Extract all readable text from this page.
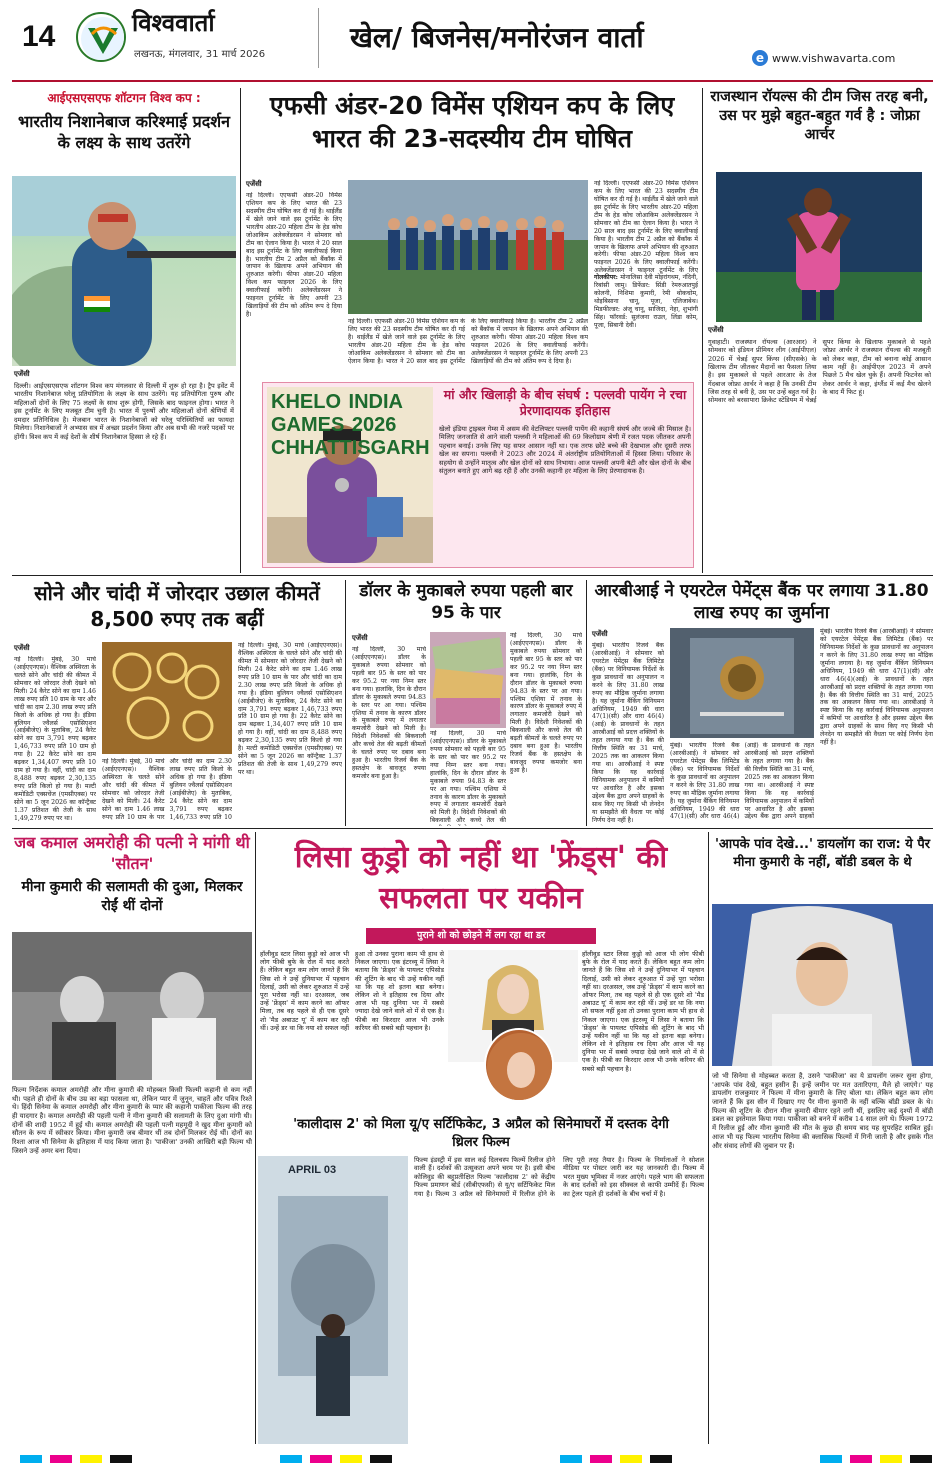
14	विश्ववार्ता
लखनऊ, मंगलवार, 31 मार्च 2026
खेल/ बिजनेस/मनोरंजन वार्ता
e www.vishwavarta.com
आईएसएसएफ शॉटगन विश्व कप :
भारतीय निशानेबाज करिश्माई प्रदर्शन के लक्ष्य के साथ उतरेंगे
एजेंसी
दिल्ली। आईएसएसएफ शॉटगन विश्व कप मंगलवार से दिल्ली में शुरू हो रहा है। ट्रैप इवेंट में भारतीय निशानेबाज घरेलू प्रतियोगिता के लक्ष्य के साथ उतरेंगे। यह प्रतियोगिता पुरुष और महिलाओं दोनों के लिए 75 लक्ष्यों के साथ शुरू होगी, जिसके बाद फाइनल होगा। भारत ने इस टूर्नामेंट के लिए मजबूत टीम चुनी है। भारत में पुरुषों और महिलाओं दोनों श्रेणियों में दमदार प्रतिनिधित्व है। मेजबान भारत के निशानेबाजों को घरेलू परिस्थितियों का फायदा मिलेगा। निशानेबाजों ने अभ्यास सत्र में अच्छा प्रदर्शन किया और अब सभी की नजरें पदकों पर होंगी। विश्व कप में कई देशों के शीर्ष निशानेबाज हिस्सा ले रहे हैं।
एफसी अंडर-20 विमेंस एशियन कप के लिए भारत की 23-सदस्यीय टीम घोषित
एजेंसी
नई दिल्ली। एएफसी अंडर-20 विमेंस एशियन कप के लिए भारत की 23 सदस्यीय टीम घोषित कर दी गई है। थाईलैंड में खेले जाने वाले इस टूर्नामेंट के लिए भारतीय अंडर-20 महिला टीम के हेड कोच जोआकिम अलेक्जेंडरसन ने सोमवार को टीम का ऐलान किया है। भारत ने 20 साल बाद इस टूर्नामेंट के लिए क्वालीफाई किया है। भारतीय टीम 2 अप्रैल को बैंकॉक में जापान के खिलाफ अपने अभियान की शुरुआत करेगी। फीफा अंडर-20 महिला विश्व कप फाइनल 2026 के लिए क्वालीफाई करेंगी। अलेक्जेंडरसन ने फाइनल टूर्नामेंट के लिए अपनी 23 खिलाड़ियों की टीम को अंतिम रूप दे दिया है।
नई दिल्ली। एएफसी अंडर-20 विमेंस एशियन कप के लिए भारत की 23 सदस्यीय टीम घोषित कर दी गई है। थाईलैंड में खेले जाने वाले इस टूर्नामेंट के लिए भारतीय अंडर-20 महिला टीम के हेड कोच जोआकिम अलेक्जेंडरसन ने सोमवार को टीम का ऐलान किया है। भारत ने 20 साल बाद इस टूर्नामेंट के लिए क्वालीफाई किया है। भारतीय टीम 2 अप्रैल को बैंकॉक में जापान के खिलाफ अपने अभियान की शुरुआत करेगी। फीफा अंडर-20 महिला विश्व कप फाइनल 2026 के लिए क्वालीफाई करेंगी। अलेक्जेंडरसन ने फाइनल टूर्नामेंट के लिए अपनी 23 खिलाड़ियों की टीम को अंतिम रूप दे दिया है।
नई दिल्ली। एएफसी अंडर-20 विमेंस एशियन कप के लिए भारत की 23 सदस्यीय टीम घोषित कर दी गई है। थाईलैंड में खेले जाने वाले इस टूर्नामेंट के लिए भारतीय अंडर-20 महिला टीम के हेड कोच जोआकिम अलेक्जेंडरसन ने सोमवार को टीम का ऐलान किया है। भारत ने 20 साल बाद इस टूर्नामेंट के लिए क्वालीफाई किया है। भारतीय टीम 2 अप्रैल को बैंकॉक में जापान के खिलाफ अपने अभियान की शुरुआत करेगी। फीफा अंडर-20 महिला विश्व कप फाइनल 2026 के लिए क्वालीफाई करेंगी। अलेक्जेंडरसन ने फाइनल टूर्नामेंट के लिए
गोलकीपर: मोनालिसा देवी मोइरांगथम, नंदिनी, रिबांसी जामु। डिफेंडर: सिंडी रेमरुआतपुई कोलनी, निशिमा कुमारी, रेमी थोकचोम, थोइबिसाना चानू, पूजा, एलिजाबेथ। मिडफील्डर: अंजू चानू, साजिदा, नेहा, शुभांगी सिंह। फॉरवर्ड: सुलंजना राउल, लिंडा कोम, पूजा, सिबानी देवी।
KHELO INDIA GAMES 2026 CHHATTISGARH
मां और खिलाड़ी के बीच संघर्ष : पल्लवी पायेंग ने रचा प्रेरणादायक इतिहास
खेलो इंडिया ट्राइबल गेम्स में असम की वेटलिफ्टर पल्लवी पायेंग की कहानी संघर्ष और जज्बे की मिसाल है। मिलिए जनजाति से आने वाली पल्लवी ने महिलाओं की 69 किलोग्राम श्रेणी में रजत पदक जीतकर अपनी पहचान बनाई। उनके लिए यह सफर आसान नहीं था। एक तरफ छोटे बच्चे की देखभाल और दूसरी तरफ खेल का सपना। पल्लवी ने 2023 और 2024 में अंतर्राष्ट्रीय प्रतियोगिताओं में हिस्सा लिया। परिवार के सहयोग से उन्होंने मातृत्व और खेल दोनों को साथ निभाया। आज पल्लवी अपनी बेटी और खेल दोनों के बीच संतुलन बनाते हुए आगे बढ़ रही हैं और उनकी कहानी हर महिला के लिए प्रेरणादायक है।
राजस्थान रॉयल्स की टीम जिस तरह बनी, उस पर मुझे बहुत-बहुत गर्व है : जोफ्रा आर्चर
एजेंसी
गुवाहाटी। राजस्थान रॉयल्स (आरआर) ने सोमवार को इंडियन प्रीमियर लीग (आईपीएल) 2026 में चेन्नई सुपर किंग्स (सीएसके) के खिलाफ टीम जीतकर मैदानों का फैसला लिया है। इस मुकाबले से पहले आरआर के तेज गेंदबाज जोफ्रा आर्चर ने कहा है कि उनकी टीम जिस तरह से बनी है, उस पर उन्हें बहुत गर्व है। सोमवार को बरसापारा क्रिकेट स्टेडियम में चेन्नई सुपर किंग्स के खिलाफ मुकाबले से पहले जोफ्रा आर्चर ने राजस्थान रॉयल्स की मजबूती को लेकर कहा, टीम को बनाना कोई आसान काम नहीं है। आईपीएल 2023 में अपने पिछले 5 मैच खेल चुके हैं। अपनी फिटनेस को लेकर आर्चर ने कहा, इंग्लैंड में कई मैच खेलने के बाद मैं फिट हूं।
सोने और चांदी में जोरदार उछाल कीमतें 8,500 रुपए तक बढ़ीं
एजेंसी
नई दिल्ली। मुंबई, 30 मार्च (आईएएनएस)। वैश्विक अस्थिरता के चलते सोने और चांदी की कीमत में सोमवार को जोरदार तेजी देखने को मिली। 24 कैरेट सोने का दाम 1.46 लाख रुपए प्रति 10 ग्राम के पार और चांदी का दाम 2.30 लाख रुपए प्रति किलो के अधिक हो गया है। इंडिया बुलियन ज्वैलर्स एसोसिएशन (आईबीजेए) के मुताबिक, 24 कैरेट सोने का दाम 3,791 रुपए बढ़कर 1,46,733 रुपए प्रति 10 ग्राम हो गया है। 22 कैरेट सोने का दाम बढ़कर 1,34,407 रुपए प्रति 10 ग्राम हो गया है। वहीं, चांदी का दाम 8,488 रुपए बढ़कर 2,30,135 रुपए प्रति किलो हो गया है। मल्टी कमोडिटी एक्सचेंज (एमसीएक्स) पर सोने का 5 जून 2026 का कॉन्ट्रैक्ट 1.37 प्रतिशत की तेजी के साथ 1,49,279 रुपए पर था।
नई दिल्ली। मुंबई, 30 मार्च (आईएएनएस)। वैश्विक अस्थिरता के चलते सोने और चांदी की कीमत में सोमवार को जोरदार तेजी देखने को मिली। 24 कैरेट सोने का दाम 1.46 लाख रुपए प्रति 10 ग्राम के पार और चांदी का दाम 2.30 लाख रुपए प्रति किलो के अधिक हो गया है। इंडिया बुलियन ज्वैलर्स एसोसिएशन (आईबीजेए) के मुताबिक, 24 कैरेट सोने का दाम 3,791 रुपए बढ़कर 1,46,733 रुपए प्रति 10
नई दिल्ली। मुंबई, 30 मार्च (आईएएनएस)। वैश्विक अस्थिरता के चलते सोने और चांदी की कीमत में सोमवार को जोरदार तेजी देखने को मिली। 24 कैरेट सोने का दाम 1.46 लाख रुपए प्रति 10 ग्राम के पार और चांदी का दाम 2.30 लाख रुपए प्रति किलो के अधिक हो गया है। इंडिया बुलियन ज्वैलर्स एसोसिएशन (आईबीजेए) के मुताबिक, 24 कैरेट सोने का दाम 3,791 रुपए बढ़कर 1,46,733 रुपए प्रति 10 ग्राम हो गया है। 22 कैरेट सोने का दाम बढ़कर 1,34,407 रुपए प्रति 10 ग्राम हो गया है। वहीं, चांदी का दाम 8,488 रुपए बढ़कर 2,30,135 रुपए प्रति किलो हो गया है। मल्टी कमोडिटी एक्सचेंज (एमसीएक्स) पर सोने का 5 जून 2026 का कॉन्ट्रैक्ट 1.37 प्रतिशत की तेजी के साथ 1,49,279 रुपए पर था।
डॉलर के मुकाबले रुपया पहली बार 95 के पार
एजेंसी
नई दिल्ली, 30 मार्च (आईएएनएस)। डॉलर के मुकाबले रुपया सोमवार को पहली बार 95 के स्तर को पार कर 95.2 पर नया निम्न स्तर बना गया। हालांकि, दिन के दौरान डॉलर के मुकाबले रुपया 94.83 के स्तर पर आ गया। पश्चिम एशिया में तनाव के कारण डॉलर के मुकाबले रुपए में लगातार कमजोरी देखने को मिली है। विदेशी निवेशकों की बिकवाली और कच्चे तेल की बढ़ती कीमतों के चलते रुपए पर दबाव बना हुआ है। भारतीय रिजर्व बैंक के हस्तक्षेप के बावजूद रुपया कमजोर बना हुआ है।
नई दिल्ली, 30 मार्च (आईएएनएस)। डॉलर के मुकाबले रुपया सोमवार को पहली बार 95 के स्तर को पार कर 95.2 पर नया निम्न स्तर बना गया। हालांकि, दिन के दौरान डॉलर के मुकाबले रुपया 94.83 के स्तर पर आ गया। पश्चिम एशिया में तनाव के कारण डॉलर के मुकाबले रुपए में लगातार कमजोरी देखने को मिली है। विदेशी निवेशकों की बिकवाली और कच्चे तेल की
नई दिल्ली, 30 मार्च (आईएएनएस)। डॉलर के मुकाबले रुपया सोमवार को पहली बार 95 के स्तर को पार कर 95.2 पर नया निम्न स्तर बना गया। हालांकि, दिन के दौरान डॉलर के मुकाबले रुपया 94.83 के स्तर पर आ गया। पश्चिम एशिया में तनाव के कारण डॉलर के मुकाबले रुपए में लगातार कमजोरी देखने को मिली है। विदेशी निवेशकों की बिकवाली और कच्चे तेल की बढ़ती कीमतों के चलते रुपए पर दबाव बना हुआ है। भारतीय रिजर्व बैंक के हस्तक्षेप के बावजूद रुपया कमजोर बना हुआ है।
आरबीआई ने एयरटेल पेमेंट्स बैंक पर लगाया 31.80 लाख रुपए का जुर्माना
एजेंसी
मुंबई। भारतीय रिजर्व बैंक (आरबीआई) ने सोमवार को एयरटेल पेमेंट्स बैंक लिमिटेड (बैंक) पर विनियामक निर्देशों के कुछ प्रावधानों का अनुपालन न करने के लिए 31.80 लाख रुपए का मौद्रिक जुर्माना लगाया है। यह जुर्माना बैंकिंग विनियमन अधिनियम, 1949 की धारा 47(1)(सी) और धारा 46(4)(आई) के प्रावधानों के तहत आरबीआई को प्रदत्त शक्तियों के तहत लगाया गया है। बैंक की वित्तीय स्थिति का 31 मार्च, 2025 तक का आकलन किया गया था। आरबीआई ने स्पष्ट किया कि यह कार्रवाई विनियामक अनुपालन में कमियों पर आधारित है और इसका उद्देश्य बैंक द्वारा अपने ग्राहकों के साथ किए गए किसी भी लेनदेन या समझौते की वैधता पर कोई निर्णय देना नहीं है।
मुंबई। भारतीय रिजर्व बैंक (आरबीआई) ने सोमवार को एयरटेल पेमेंट्स बैंक लिमिटेड (बैंक) पर विनियामक निर्देशों के कुछ प्रावधानों का अनुपालन न करने के लिए 31.80 लाख रुपए का मौद्रिक जुर्माना लगाया है। यह जुर्माना बैंकिंग विनियमन अधिनियम, 1949 की धारा 47(1)(सी) और धारा 46(4)(आई) के प्रावधानों के तहत आरबीआई को प्रदत्त शक्तियों के तहत लगाया गया है। बैंक की वित्तीय स्थिति का 31 मार्च, 2025 तक का आकलन किया गया था। आरबीआई ने स्पष्ट किया कि यह कार्रवाई विनियामक अनुपालन में कमियों पर आधारित है और इसका उद्देश्य बैंक द्वारा अपने ग्राहकों
मुंबई। भारतीय रिजर्व बैंक (आरबीआई) ने सोमवार को एयरटेल पेमेंट्स बैंक लिमिटेड (बैंक) पर विनियामक निर्देशों के कुछ प्रावधानों का अनुपालन न करने के लिए 31.80 लाख रुपए का मौद्रिक जुर्माना लगाया है। यह जुर्माना बैंकिंग विनियमन अधिनियम, 1949 की धारा 47(1)(सी) और धारा 46(4)(आई) के प्रावधानों के तहत आरबीआई को प्रदत्त शक्तियों के तहत लगाया गया है। बैंक की वित्तीय स्थिति का 31 मार्च, 2025 तक का आकलन किया गया था। आरबीआई ने स्पष्ट किया कि यह कार्रवाई विनियामक अनुपालन में कमियों पर आधारित है और इसका उद्देश्य बैंक द्वारा अपने ग्राहकों के साथ किए गए किसी भी लेनदेन या समझौते की वैधता पर कोई निर्णय देना नहीं है।
जब कमाल अमरोही की पत्नी ने मांगी थी 'सौतन'
मीना कुमारी की सलामती की दुआ, मिलकर रोईं थीं दोनों
फिल्म निर्देशक कमाल अमरोही और मीना कुमारी की मोहब्बत किसी फिल्मी कहानी से कम नहीं थी। पहले ही दोनों के बीच उम्र का बड़ा फासला था, लेकिन प्यार में जुनून, चाहतें और पवित्र रिश्ते थे। हिंदी सिनेमा के कमाल अमरोही और मीना कुमारी के प्यार की कहानी पाकीजा फिल्म की तरह ही यादगार है। कमाल अमरोही की पहली पत्नी ने मीना कुमारी की सलामती के लिए दुआ मांगी थी। दोनों की शादी 1952 में हुई थी। कमाल अमरोही की पहली पत्नी महमूदी ने खुद मीना कुमारी को सौतन के रूप में स्वीकार किया। मीना कुमारी जब बीमार थीं तब दोनों मिलकर रोई थीं। दोनों का रिश्ता आज भी सिनेमा के इतिहास में याद किया जाता है। 'पाकीजा' उनकी आखिरी बड़ी फिल्म थी जिसने उन्हें अमर बना दिया।
लिसा कुड्रो को नहीं था 'फ्रेंड्स' की सफलता पर यकीन
पुराने शो को छोड़ने में लग रहा था डर
हॉलीवुड स्टार लिसा कुड्रो को आज भी लोग फीबी बुफे के रोल में याद करते हैं। लेकिन बहुत कम लोग जानते हैं कि जिस शो ने उन्हें दुनियाभर में पहचान दिलाई, उसी को लेकर शुरुआत में उन्हें पूरा भरोसा नहीं था। दरअसल, जब उन्हें 'फ्रेंड्स' में काम करने का ऑफर मिला, तब वह पहले से ही एक दूसरे शो 'मैड अबाउट यू' में काम कर रही थीं। उन्हें डर था कि नया शो सफल नहीं हुआ तो उनका पुराना काम भी हाथ से निकल जाएगा। एक इंटरव्यू में लिसा ने बताया कि 'फ्रेंड्स' के पायलट एपिसोड की शूटिंग के बाद भी उन्हें यकीन नहीं था कि यह शो इतना बड़ा बनेगा। लेकिन शो ने इतिहास रच दिया और आज भी यह दुनिया भर में सबसे ज्यादा देखे जाने वाले शो में से एक है। फीबी का किरदार आज भी उनके करियर की सबसे बड़ी पहचान है।
हॉलीवुड स्टार लिसा कुड्रो को आज भी लोग फीबी बुफे के रोल में याद करते हैं। लेकिन बहुत कम लोग जानते हैं कि जिस शो ने उन्हें दुनियाभर में पहचान दिलाई, उसी को लेकर शुरुआत में उन्हें पूरा भरोसा नहीं था। दरअसल, जब उन्हें 'फ्रेंड्स' में काम करने का ऑफर मिला, तब वह पहले से ही एक दूसरे शो 'मैड अबाउट यू' में काम कर रही थीं। उन्हें डर था कि नया शो सफल नहीं हुआ तो उनका पुराना काम भी हाथ से निकल जाएगा। एक इंटरव्यू में लिसा ने बताया कि 'फ्रेंड्स' के पायलट एपिसोड की शूटिंग के बाद भी उन्हें यकीन नहीं था कि यह शो इतना बड़ा बनेगा। लेकिन शो ने इतिहास रच दिया और आज भी यह दुनिया भर में सबसे ज्यादा देखे जाने वाले शो में से एक है। फीबी का किरदार आज भी उनके करियर की सबसे बड़ी पहचान है।
'कालीदास 2' को मिला यू/ए सर्टिफिकेट, 3 अप्रैल को सिनेमाघरों में दस्तक देगी थ्रिलर फिल्म
APRIL 03
फिल्म इंडस्ट्री में इस साल कई दिलचस्प फिल्में रिलीज होने वाली हैं। दर्शकों की उत्सुकता अपने चरम पर है। इसी बीच कोलिवुड की बहुप्रतीक्षित फिल्म 'कालीदास 2' को केंद्रीय फिल्म प्रमाणन बोर्ड (सीबीएफसी) से यू/ए सर्टिफिकेट मिल गया है। फिल्म 3 अप्रैल को सिनेमाघरों में रिलीज होने के लिए पूरी तरह तैयार है। फिल्म के निर्माताओं ने सोशल मीडिया पर पोस्टर जारी कर यह जानकारी दी। फिल्म में भरत मुख्य भूमिका में नजर आएंगे। पहले भाग की सफलता के बाद दर्शकों को इस सीक्वल से काफी उम्मीदें हैं। फिल्म का ट्रेलर पहले ही दर्शकों के बीच चर्चा में है।
'आपके पांव देखे...' डायलॉग का राज: ये पैर मीना कुमारी के नहीं, बॉडी डबल के थे
जो भी सिनेमा से मोहब्बत करता है, उसने 'पाकीजा' का ये डायलॉग जरूर सुना होगा, 'आपके पांव देखे, बहुत हसीन हैं। इन्हें जमीन पर मत उतारिएगा, मैले हो जाएंगे।' यह डायलॉग राजकुमार ने फिल्म में मीना कुमारी के लिए बोला था। लेकिन बहुत कम लोग जानते हैं कि इस सीन में दिखाए गए पैर मीना कुमारी के नहीं बल्कि बॉडी डबल के थे। फिल्म की शूटिंग के दौरान मीना कुमारी बीमार रहने लगी थीं, इसलिए कई दृश्यों में बॉडी डबल का इस्तेमाल किया गया। पाकीजा को बनने में करीब 14 साल लगे थे। फिल्म 1972 में रिलीज हुई और मीना कुमारी की मौत के कुछ ही समय बाद यह सुपरहिट साबित हुई। आज भी यह फिल्म भारतीय सिनेमा की क्लासिक फिल्मों में गिनी जाती है और इसके गीत और संवाद लोगों की जुबान पर हैं।
